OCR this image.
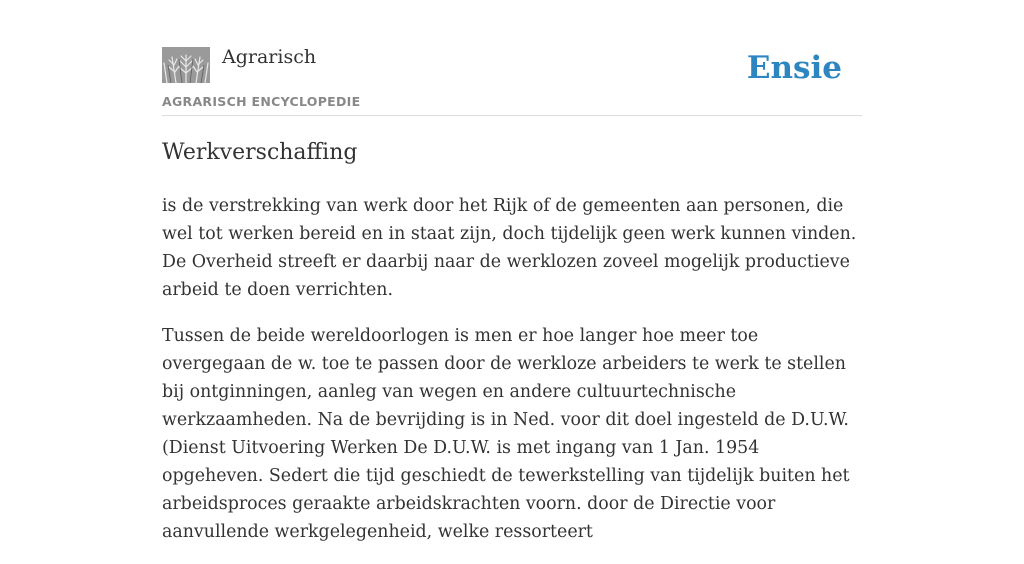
Agrarisch
AGRARISCH ENCYCLOPEDIE
Ensie
Werkverschaffing

is de verstrekking van werk door het Rijk of de gemeenten aan personen, die wel tot werken bereid en in staat zijn, doch tijdelijk geen werk kunnen vinden. De Overheid streeft er daarbij naar de werklozen zoveel mogelijk productieve arbeid te doen verrichten.

Tussen de beide wereldoorlogen is men er hoe langer hoe meer toe overgegaan de w. toe te passen door de werkloze arbeiders te werk te stellen bij ontginningen, aanleg van wegen en andere cultuurtechnische werkzaamheden. Na de bevrijding is in Ned. voor dit doel ingesteld de D.U.W. (Dienst Uitvoering Werken De D.U.W. is met ingang van 1 Jan. 1954 opgeheven. Sedert die tijd geschiedt de tewerkstelling van tijdelijk buiten het arbeidsproces geraakte arbeidskrachten voorn. door de Directie voor aanvullende werkgelegenheid, welke ressorteert
